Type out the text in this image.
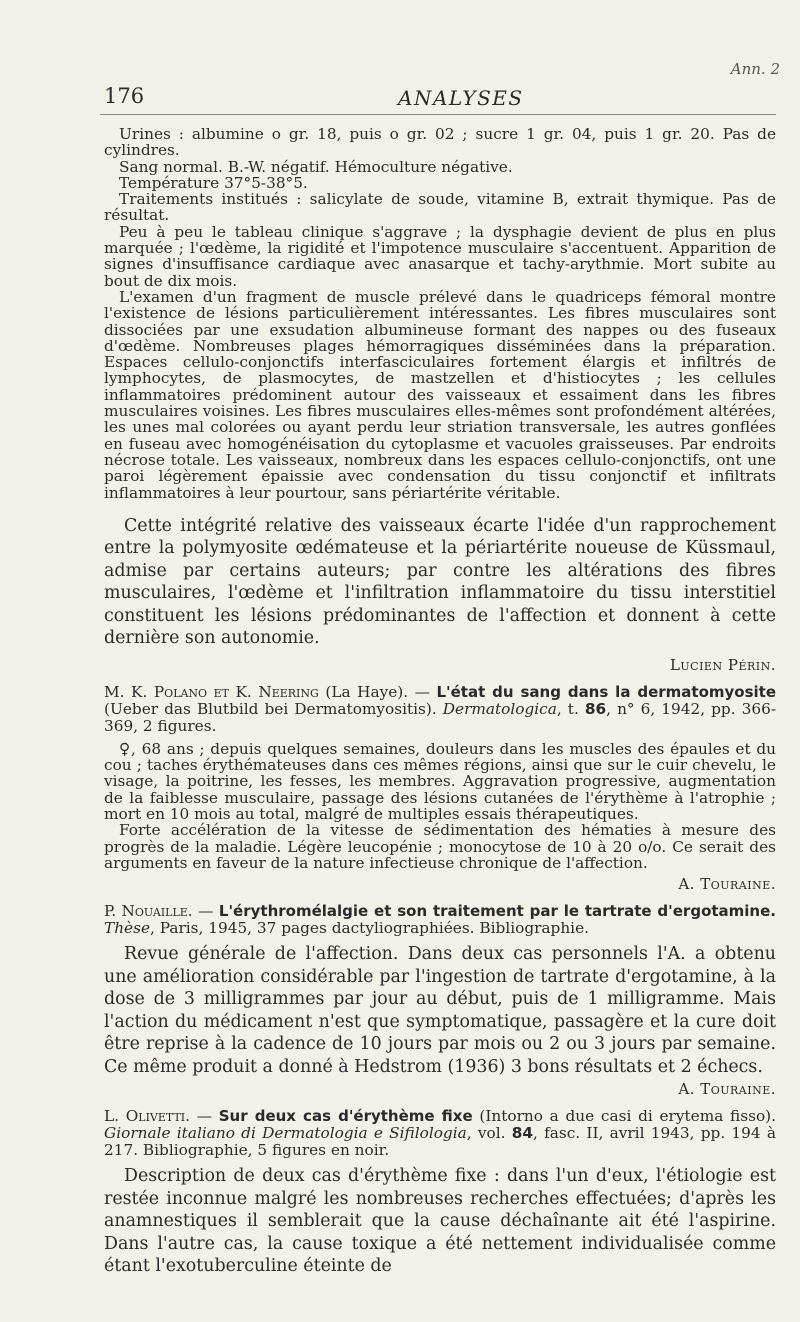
Ann. 2
176	ANALYSES

Urines : albumine o gr. 18, puis o gr. 02 ; sucre 1 gr. 04, puis 1 gr. 20. Pas de cylindres.

Sang normal. B.-W. négatif. Hémoculture négative.

Température 37°5-38°5.

Traitements institués : salicylate de soude, vitamine B, extrait thymique. Pas de résultat.

Peu à peu le tableau clinique s'aggrave ; la dysphagie devient de plus en plus marquée ; l'œdème, la rigidité et l'impotence musculaire s'accentuent. Apparition de signes d'insuffisance cardiaque avec anasarque et tachy-arythmie. Mort subite au bout de dix mois.

L'examen d'un fragment de muscle prélevé dans le quadriceps fémoral montre l'existence de lésions particulièrement intéressantes. Les fibres musculaires sont dissociées par une exsudation albumineuse formant des nappes ou des fuseaux d'œdème. Nombreuses plages hémorragiques disséminées dans la préparation. Espaces cellulo-conjonctifs interfasciculaires fortement élargis et infiltrés de lymphocytes, de plasmocytes, de mastzellen et d'histiocytes ; les cellules inflammatoires prédominent autour des vaisseaux et essaiment dans les fibres musculaires voisines. Les fibres musculaires elles-mêmes sont profondément altérées, les unes mal colorées ou ayant perdu leur striation transversale, les autres gonflées en fuseau avec homogénéisation du cytoplasme et vacuoles graisseuses. Par endroits nécrose totale. Les vaisseaux, nombreux dans les espaces cellulo-conjonctifs, ont une paroi légèrement épaissie avec condensation du tissu conjonctif et infiltrats inflammatoires à leur pourtour, sans périartérite véritable.

Cette intégrité relative des vaisseaux écarte l'idée d'un rapprochement entre la polymyosite œdémateuse et la périartérite noueuse de Küssmaul, admise par certains auteurs; par contre les altérations des fibres musculaires, l'œdème et l'infiltration inflammatoire du tissu interstitiel constituent les lésions prédominantes de l'affection et donnent à cette dernière son autonomie.

Lucien Périn.

M. K. Polano et K. Neering (La Haye). — L'état du sang dans la dermatomyosite (Ueber das Blutbild bei Dermatomyositis). Dermatologica, t. 86, n° 6, 1942, pp. 366-369, 2 figures.

♀, 68 ans ; depuis quelques semaines, douleurs dans les muscles des épaules et du cou ; taches érythémateuses dans ces mêmes régions, ainsi que sur le cuir chevelu, le visage, la poitrine, les fesses, les membres. Aggravation progressive, augmentation de la faiblesse musculaire, passage des lésions cutanées de l'érythème à l'atrophie ; mort en 10 mois au total, malgré de multiples essais thérapeutiques.

Forte accélération de la vitesse de sédimentation des hématies à mesure des progrès de la maladie. Légère leucopénie ; monocytose de 10 à 20 o/o. Ce serait des arguments en faveur de la nature infectieuse chronique de l'affection.

A. Touraine.

P. Nouaille. — L'érythromélalgie et son traitement par le tartrate d'ergotamine. Thèse, Paris, 1945, 37 pages dactyliographiées. Bibliographie.

Revue générale de l'affection. Dans deux cas personnels l'A. a obtenu une amélioration considérable par l'ingestion de tartrate d'ergotamine, à la dose de 3 milligrammes par jour au début, puis de 1 milligramme. Mais l'action du médicament n'est que symptomatique, passagère et la cure doit être reprise à la cadence de 10 jours par mois ou 2 ou 3 jours par semaine. Ce même produit a donné à Hedstrom (1936) 3 bons résultats et 2 échecs.

A. Touraine.

L. Olivetti. — Sur deux cas d'érythème fixe (Intorno a due casi di erytema fisso). Giornale italiano di Dermatologia e Sifilologia, vol. 84, fasc. II, avril 1943, pp. 194 à 217. Bibliographie, 5 figures en noir.

Description de deux cas d'érythème fixe : dans l'un d'eux, l'étiologie est restée inconnue malgré les nombreuses recherches effectuées; d'après les anamnestiques il semblerait que la cause déchaînante ait été l'aspirine. Dans l'autre cas, la cause toxique a été nettement individualisée comme étant l'exotuberculine éteinte de
